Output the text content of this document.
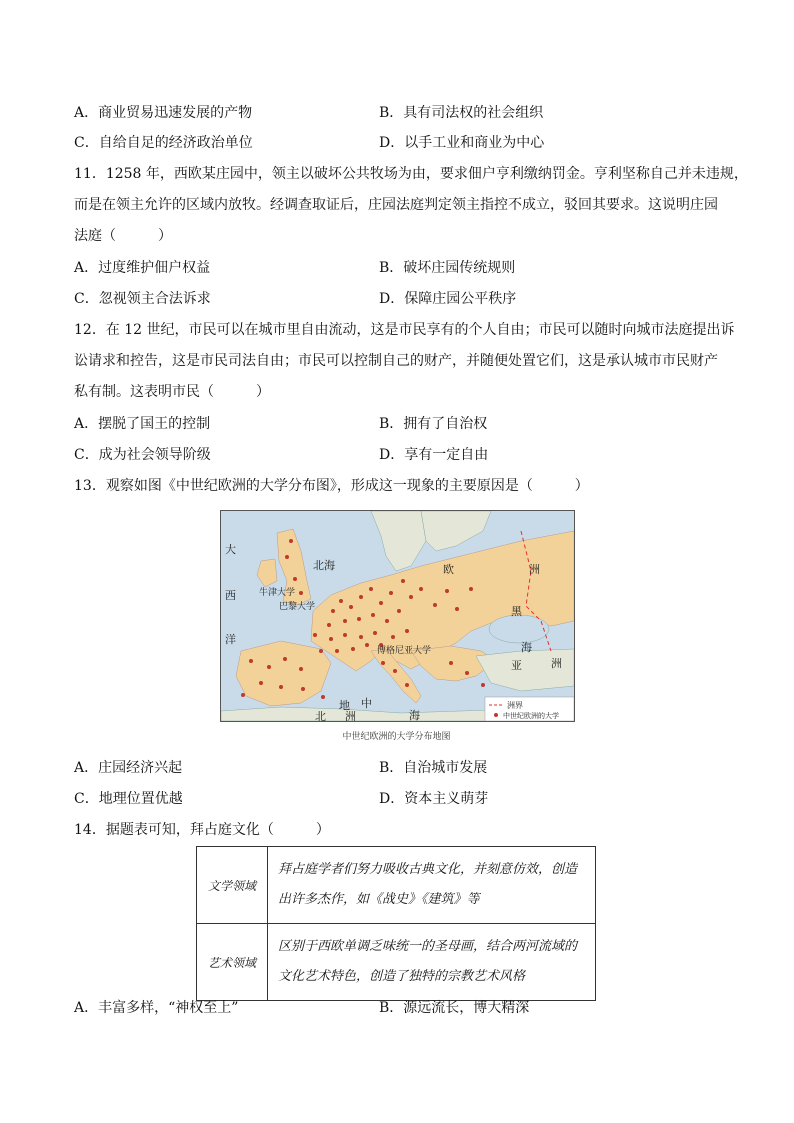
A．商业贸易迅速发展的产物	B．具有司法权的社会组织
C．自给自足的经济政治单位	D．以手工业和商业为中心
11．1258 年，西欧某庄园中，领主以破坏公共牧场为由，要求佃户亨利缴纳罚金。亨利坚称自己并未违规，
而是在领主允许的区域内放牧。经调查取证后，庄园法庭判定领主指控不成立，驳回其要求。这说明庄园
法庭（　　　）
A．过度维护佃户权益	B．破坏庄园传统规则
C．忽视领主合法诉求	D．保障庄园公平秩序
12．在 12 世纪，市民可以在城市里自由流动，这是市民享有的个人自由；市民可以随时向城市法庭提出诉
讼请求和控告，这是市民司法自由；市民可以控制自己的财产，并随便处置它们，这是承认城市市民财产
私有制。这表明市民（　　　）
A．摆脱了国王的控制	B．拥有了自治权
C．成为社会领导阶级	D．享有一定自由
13．观察如图《中世纪欧洲的大学分布图》，形成这一现象的主要原因是（　　　）
大
西
洋
北海	欧	洲
黑
海
亚	洲
地 中
海
北 洲
牛津大学
巴黎大学
博格尼亚大学
洲界
中世纪欧洲的大学
中世纪欧洲的大学分布地图
A．庄园经济兴起	B．自治城市发展
C．地理位置优越	D．资本主义萌芽
14．据题表可知，拜占庭文化（　　　）
文学领域	拜占庭学者们努力吸收古典文化，并刻意仿效，创造出许多杰作，如《战史》《建筑》等
艺术领域	区别于西欧单调乏味统一的圣母画，结合两河流域的文化艺术特色，创造了独特的宗教艺术风格
A．丰富多样，“神权至上”	B．源远流长，博大精深
